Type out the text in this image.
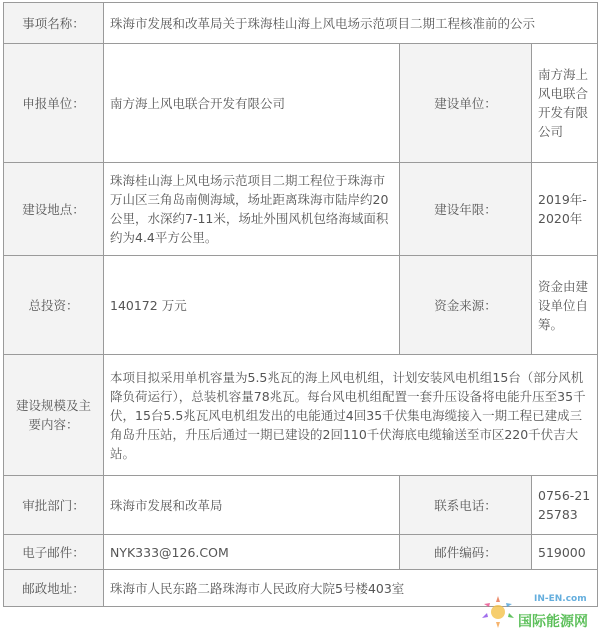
事项名称：	珠海市发展和改革局关于珠海桂山海上风电场示范项目二期工程核准前的公示		
申报单位：	南方海上风电联合开发有限公司	建设单位：	南方海上风电联合开发有限公司
建设地点：	珠海桂山海上风电场示范项目二期工程位于珠海市万山区三角岛南侧海域，场址距离珠海市陆岸约20公里，水深约7-11米，场址外围风机包络海域面积约为4.4平方公里。	建设年限：	2019年-2020年
总投资：	140172 万元	资金来源：	资金由建设单位自筹。
建设规模及主要内容：	本项目拟采用单机容量为5.5兆瓦的海上风电机组，计划安装风电机组15台（部分风机降负荷运行），总装机容量78兆瓦。每台风电机组配置一套升压设备将电能升压至35千伏，15台5.5兆瓦风电机组发出的电能通过4回35千伏集电海缆接入一期工程已建成三角岛升压站，升压后通过一期已建设的2回110千伏海底电缆输送至市区220千伏吉大站。		
审批部门：	珠海市发展和改革局	联系电话：	0756-2125783
电子邮件：	NYK333@126.COM	邮件编码：	519000
邮政地址：	珠海市人民东路二路珠海市人民政府大院5号楼403室		
IN-EN.com
国际能源网
